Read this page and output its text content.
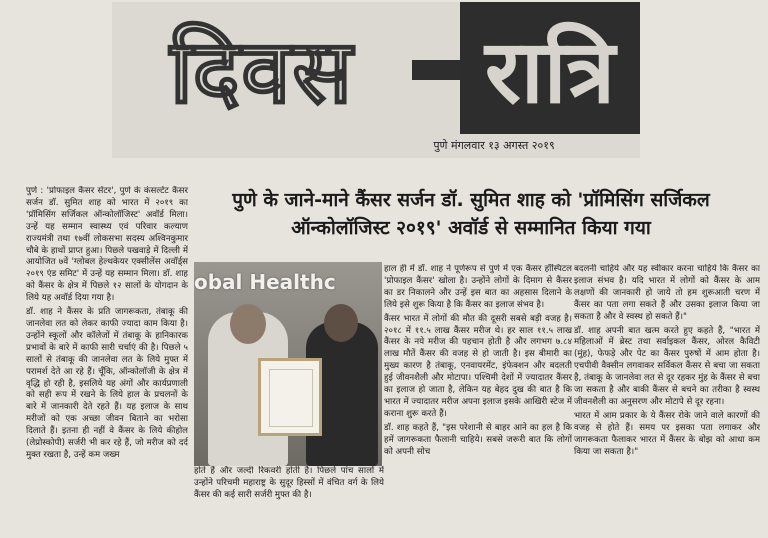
दिवस	रात्रि
पुणे मंगलवार १३ अगस्त २०१९
पुणे के जाने-माने कैंसर सर्जन डॉ. सुमित शाह को 'प्रॉमिसिंग सर्जिकल
ऑन्कोलॉजिस्ट २०१९' अवॉर्ड से सम्मानित किया गया

पुणे : 'प्रोफाइल कैंसर सेंटर', पुणे के कंसल्टेंट कैंसर सर्जन डॉ. सुमित शाह को भारत में २०१९ का 'प्रॉमिसिंग सर्जिकल ऑन्कोलॉजिस्ट' अवॉर्ड मिला। उन्हें यह सम्मान स्वास्थ्य एवं परिवार कल्याण राज्यमंत्री तथा १७वीं लोकसभा सदस्य अश्विनकुमार चौबे के हाथों प्राप्त हुआ। पिछले पखवाड़े में दिल्ली में आयोजित ७वें 'ग्लोबल हेल्थकेयर एक्सीलेंस अवॉर्ड्स २०१९ एंड समिट' में उन्हें यह सम्मान मिला। डॉ. शाह को कैंसर के क्षेत्र में पिछले १२ सालों के योगदान के लिये यह अवॉर्ड दिया गया है।

डॉ. शाह ने कैंसर के प्रति जागरूकता, तंबाकू की जानलेवा लत को लेकर काफी ज्यादा काम किया है। उन्होंने स्कूलों और कॉलेजों में तंबाकू के हानिकारक प्रभावों के बारे में काफी सारी चर्चाएं की है। पिछले ५ सालों से तंबाकू की जानलेवा लत के लिये मुफ्त में परामर्श देते आ रहे हैं। चूँकि, ऑन्कोलॉजी के क्षेत्र में वृद्धि हो रही है, इसलिये यह अंगों और कार्यप्रणाली को सही रूप में रखने के लिये हाल के प्रचलनों के बारे में जानकारी देते रहते हैं। यह इलाज के साथ मरीजों को एक अच्छा जीवन बिताने का भरोसा दिलाते हैं। इतना ही नहीं वे कैंसर के लिये कीहोल (लेप्रोस्कोपी) सर्जरी भी कर रहे हैं, जो मरीज को दर्द मुक्त रखता है, उन्हें कम जख्म

obal Healthc
होते हैं और जल्दी रिकवरी होती है। पिछले पांच सालों में उन्होंने परिचमी महाराष्ट्र के सुदूर हिस्सों में वंचित वर्ग के लिये कैंसर की कई सारी सर्जरी मुफ्त की है।

हाल ही में डॉ. शाह ने पूर्णरूप से पुणे में एक कैंसर हॉस्पिटल 'प्रोफाइल कैंसर' खोला है। उन्होंने लोगों के दिमाग से कैंसर का डर निकालने और उन्हें इस बात का अहसास दिलाने के लिये इसे शुरू किया है कि कैंसर का इलाज संभव है।

कैंसर भारत में लोगों की मौत की दूसरी सबसे बड़ी वजह है। २०१८ में ११.५ लाख कैंसर मरीज थे। हर साल ११.५ लाख कैंसर के नये मरीज की पहचान होती है और लगभग ७.८४ लाख मौतें कैंसर की वजह से हो जाती है। इस बीमारी का मुख्य कारण है तंबाकू, एनवायरमेंट, इंफेक्शन और बदलती हुई जीवनशैली और मोटापा। पश्चिमी देशों में ज्यादातर कैंसर का इलाज हो जाता है, लेकिन यह बेहद दुख की बात है कि भारत में ज्यादातर मरीज अपना इलाज इसके आखिरी स्टेज में कराना शुरू करते हैं।

डॉ. शाह कहते हैं, "इस परेशानी से बाहर आने का हल है कि हमें जागरूकता फैलानी चाहिये। सबसे जरूरी बात कि लोगों को अपनी सोच

बदलनी चाहिये और यह स्वीकार करना चाहिये कि कैंसर का इलाज संभव है। यदि भारत में लोगों को कैंसर के आम लक्षणों की जानकारी हो जाये तो हम शुरूआती चरण में कैंसर का पता लगा सकते हैं और उसका इलाज किया जा सकता है और वे स्वस्थ हो सकते हैं।"

डॉ. शाह अपनी बात खत्म करते हुए कहते हैं, "भारत में महिलाओं में ब्रेस्ट तथा सर्वाइकल कैंसर, ओरल कैविटी (मुंह), फेफड़े और पेट का कैंसर पुरुषों में आम होता है। एचपीवी वैक्सीन लगवाकर सर्विकल कैंसर से बचा जा सकता है, तंबाकू के जानलेवा लत से दूर रहकर मुंह के कैंसर से बचा जा सकता है और बाकी कैंसर से बचने का तरीका है स्वस्थ जीवनशैली का अनुसरण और मोटापे से दूर रहना।

भारत में आम प्रकार के ये कैंसर रोके जाने वाले कारणों की वजह से होते हैं। समय पर इसका पता लगाकर और जागरूकता फैलाकर भारत में कैंसर के बोझ को आधा कम किया जा सकता है।"
